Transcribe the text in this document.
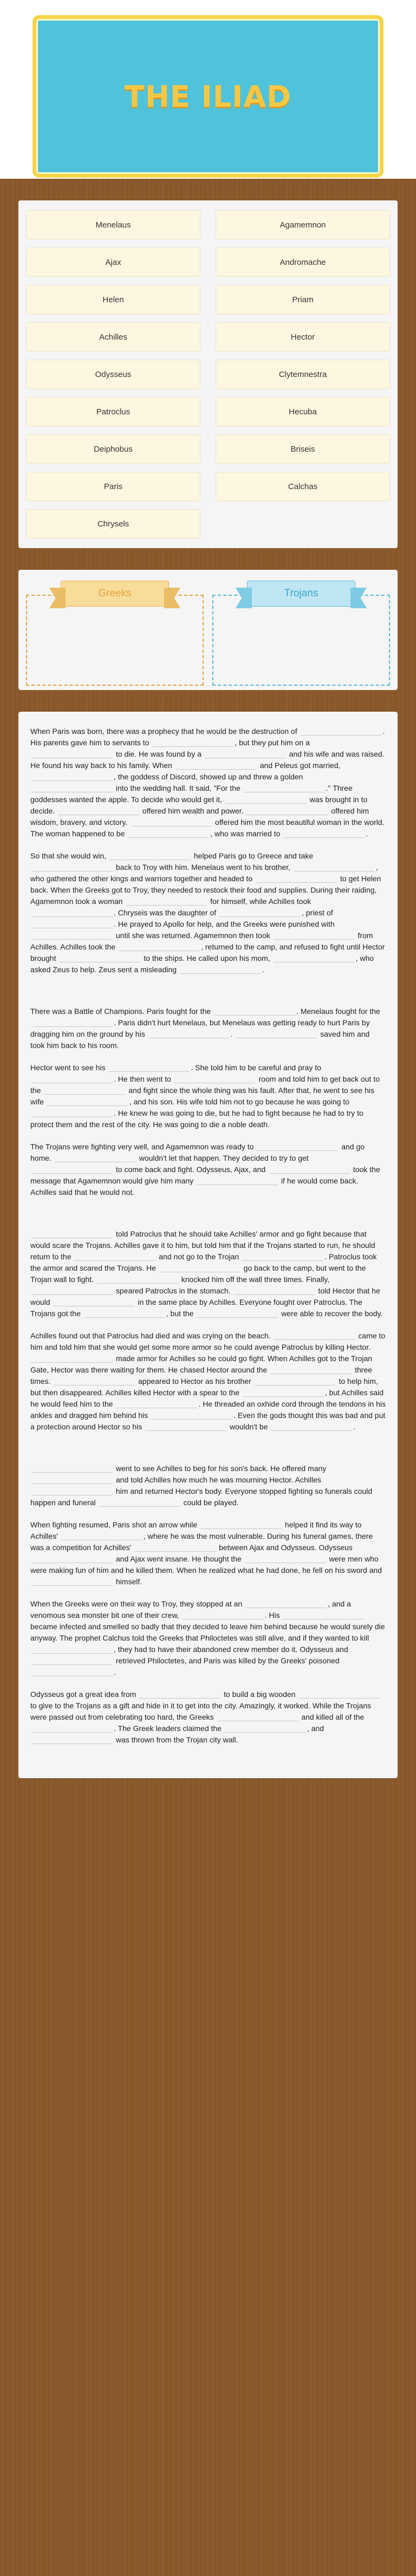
THE ILIAD
Menelaus	Agamemnon
Ajax	Andromache
Helen	Priam
Achilles	Hector
Odysseus	Clytemnestra
Patroclus	Hecuba
Deiphobus	Briseis
Paris	Calchas
Chrysels
Greeks	Trojans

When Paris was born, there was a prophecy that he would be the destruction of	. His parents gave him to servants to	, but they put him on a  to die. He was found by a	and his wife and was raised. He found his way back to his family. When	and Peleus got married, , the goddess of Discord, showed up and threw a golden  into the wedding hall. It said, "For the	." Three goddesses wanted the apple. To decide who would get it,	was brought in to decide.	offered him wealth and power.	offered him wisdom, bravery, and victory.	offered him the most beautiful woman in the world. The woman happened to be	, who was married to	.

So that she would win,	helped Paris go to Greece and take  back to Troy with him. Menelaus went to his brother,	, who gathered the other kings and warriors together and headed to	to get Helen back. When the Greeks got to Troy, they needed to restock their food and supplies. During their raiding, Agamemnon took a woman	for himself, while Achilles took . Chryseis was the daughter of	, priest of . He prayed to Apollo for help, and the Greeks were punished with  until she was returned. Agamemnon then took	from Achilles. Achilles took the	, returned to the camp, and refused to fight until Hector brought	to the ships. He called upon his mom,	, who asked Zeus to help. Zeus sent a misleading	.

There was a Battle of Champions. Paris fought for the	. Menelaus fought for the . Paris didn't hurt Menelaus, but Menelaus was getting ready to hurt Paris by dragging him on the ground by his	.	saved him and took him back to his room.

Hector went to see his	. She told him to be careful and pray to . He then went to	room and told him to get back out to the	and fight since the whole thing was his fault. After that, he went to see his wife	, and his son. His wife told him not to go because he was going to . He knew he was going to die, but he had to fight because he had to try to protect them and the rest of the city. He was going to die a noble death.

The Trojans were fighting very well, and Agamemnon was ready to	and go home.	wouldn't let that happen. They decided to try to get  to come back and fight. Odysseus, Ajax, and	took the message that Agamemnon would give him many	if he would come back. Achilles said that he would not.

told Patroclus that he should take Achilles' armor and go fight because that would scare the Trojans. Achilles gave it to him, but told him that if the Trojans started to run, he should return to the	and not go to the Trojan	. Patroclus took the armor and scared the Trojans. He	go back to the camp, but went to the Trojan wall to fight.	knocked him off the wall three times. Finally,  speared Patroclus in the stomach.	told Hector that he would	in the same place by Achilles. Everyone fought over Patroclus. The Trojans got the	, but the	were able to recover the body.

Achilles found out that Patroclus had died and was crying on the beach.	came to him and told him that she would get some more armor so he could avenge Patroclus by killing Hector.  made armor for Achilles so he could go fight. When Achilles got to the Trojan Gate, Hector was there waiting for them. He chased Hector around the	three times.	appeared to Hector as his brother	to help him, but then disappeared. Achilles killed Hector with a spear to the	, but Achilles said he would feed him to the	. He threaded an oxhide cord through the tendons in his ankles and dragged him behind his	. Even the gods thought this was bad and put a protection around Hector so his	wouldn't be	.

went to see Achilles to beg for his son's back. He offered many  and told Achilles how much he was mourning Hector. Achilles  him and returned Hector's body. Everyone stopped fighting so funerals could happen and funeral	could be played.

When fighting resumed, Paris shot an arrow while	helped it find its way to Achilles'	, where he was the most vulnerable. During his funeral games, there was a competition for Achilles'	between Ajax and Odysseus. Odysseus  and Ajax went insane. He thought the	were men who were making fun of him and he killed them. When he realized what he had done, he fell on his sword and  himself.

When the Greeks were on their way to Troy, they stopped at an	, and a venomous sea monster bit one of their crew,	. His  became infected and smelled so badly that they decided to leave him behind because he would surely die anyway. The prophet Calchus told the Greeks that Philoctetes was still alive, and if they wanted to kill , they had to have their abandoned crew member do it. Odysseus and  retrieved Philoctetes, and Paris was killed by the Greeks' poisoned .

Odysseus got a great idea from	to build a big wooden  to give to the Trojans as a gift and hide in it to get into the city. Amazingly, it worked. While the Trojans were passed out from celebrating too hard, the Greeks	and killed all of the . The Greek leaders claimed the	, and  was thrown from the Trojan city wall.
